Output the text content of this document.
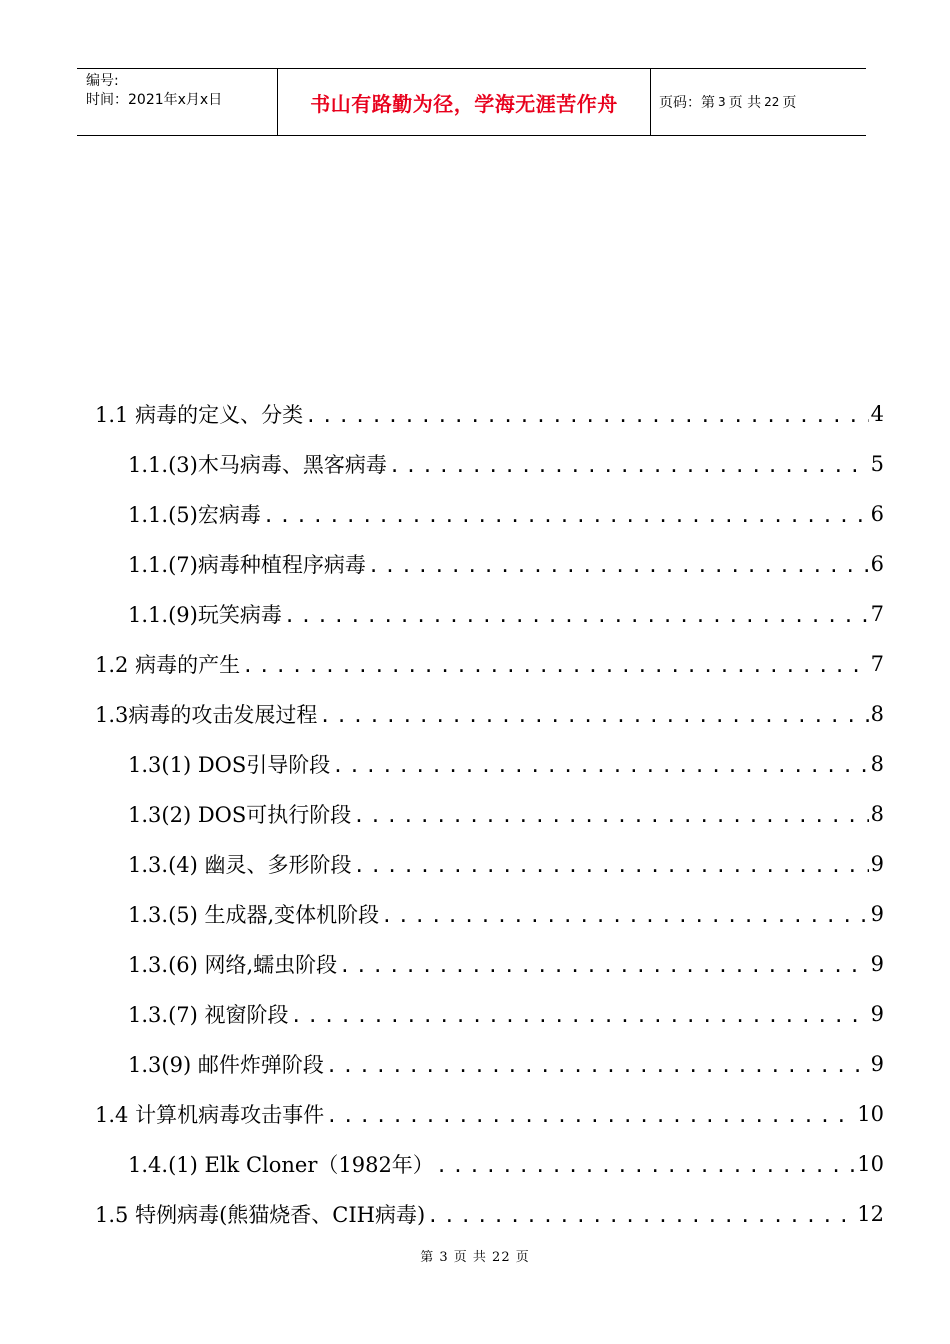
编号:
时间：2021年x月x日	书山有路勤为径，学海无涯苦作舟	页码：第 3 页 共 22 页
1.1 病毒的定义、分类 .....	4
1.1.(3)木马病毒、黑客病毒 .....	5
1.1.(5)宏病毒 .....	6
1.1.(7)病毒种植程序病毒 .....	6
1.1.(9)玩笑病毒 .....	7
1.2 病毒的产生 .....	7
1.3病毒的攻击发展过程 .....	8
1.3(1) DOS引导阶段 .....	8
1.3(2) DOS可执行阶段 .....	8
1.3.(4) 幽灵、多形阶段 .....	9
1.3.(5) 生成器,变体机阶段 .....	9
1.3.(6) 网络,蠕虫阶段 .....	9
1.3.(7) 视窗阶段 .....	9
1.3(9) 邮件炸弹阶段 .....	9
1.4 计算机病毒攻击事件 .....	10
1.4.(1) Elk Cloner（1982年） .....	10
1.5 特例病毒(熊猫烧香、CIH病毒) .....	12
第 3 页 共 22 页
